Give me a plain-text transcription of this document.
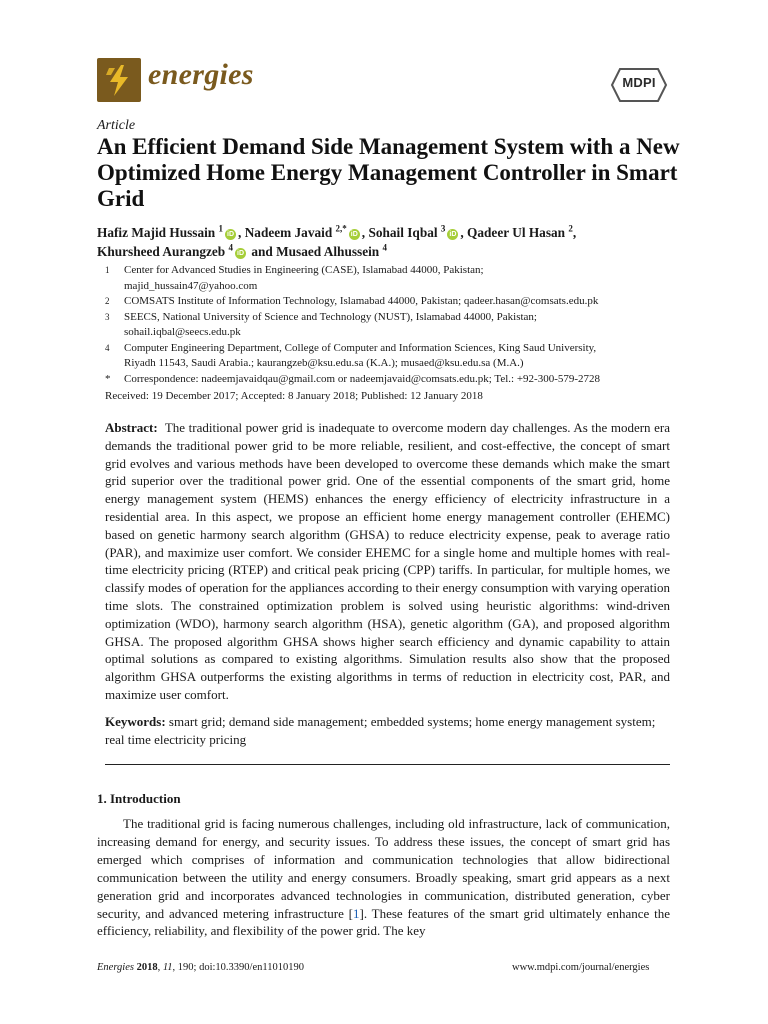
energies	MDPI
Article
An Efficient Demand Side Management System with a New Optimized Home Energy Management Controller in Smart Grid
Hafiz Majid Hussain $^1$iD , Nadeem Javaid $^{2,*}$iD , Sohail Iqbal $^3$iD , Qadeer Ul Hasan $^2$,
Khursheed Aurangzeb $^4$iD and Musaed Alhussein $^4$
1	Center for Advanced Studies in Engineering (CASE), Islamabad 44000, Pakistan;
majid_hussain47@yahoo.com
2	COMSATS Institute of Information Technology, Islamabad 44000, Pakistan; qadeer.hasan@comsats.edu.pk
3	SEECS, National University of Science and Technology (NUST), Islamabad 44000, Pakistan;
sohail.iqbal@seecs.edu.pk
4	Computer Engineering Department, College of Computer and Information Sciences, King Saud University,
Riyadh 11543, Saudi Arabia.; kaurangzeb@ksu.edu.sa (K.A.); musaed@ksu.edu.sa (M.A.)
*	Correspondence: nadeemjavaidqau@gmail.com or nadeemjavaid@comsats.edu.pk; Tel.: +92-300-579-2728
Received: 19 December 2017; Accepted: 8 January 2018; Published: 12 January 2018
Abstract: The traditional power grid is inadequate to overcome modern day challenges. As the modern era demands the traditional power grid to be more reliable, resilient, and cost-effective, the concept of smart grid evolves and various methods have been developed to overcome these demands which make the smart grid superior over the traditional power grid. One of the essential components of the smart grid, home energy management system (HEMS) enhances the energy efficiency of electricity infrastructure in a residential area. In this aspect, we propose an efficient home energy management controller (EHEMC) based on genetic harmony search algorithm (GHSA) to reduce electricity expense, peak to average ratio (PAR), and maximize user comfort. We consider EHEMC for a single home and multiple homes with real-time electricity pricing (RTEP) and critical peak pricing (CPP) tariffs. In particular, for multiple homes, we classify modes of operation for the appliances according to their energy consumption with varying operation time slots. The constrained optimization problem is solved using heuristic algorithms: wind-driven optimization (WDO), harmony search algorithm (HSA), genetic algorithm (GA), and proposed algorithm GHSA. The proposed algorithm GHSA shows higher search efficiency and dynamic capability to attain optimal solutions as compared to existing algorithms. Simulation results also show that the proposed algorithm GHSA outperforms the existing algorithms in terms of reduction in electricity cost, PAR, and maximize user comfort.
Keywords: smart grid; demand side management; embedded systems; home energy management system; real time electricity pricing
1. Introduction

The traditional grid is facing numerous challenges, including old infrastructure, lack of communication, increasing demand for energy, and security issues. To address these issues, the concept of smart grid has emerged which comprises of information and communication technologies that allow bidirectional communication between the utility and energy consumers. Broadly speaking, smart grid appears as a next generation grid and incorporates advanced technologies in communication, distributed generation, cyber security, and advanced metering infrastructure [1]. These features of the smart grid ultimately enhance the efficiency, reliability, and flexibility of the power grid. The key

Energies 2018, 11, 190; doi:10.3390/en11010190	www.mdpi.com/journal/energies
